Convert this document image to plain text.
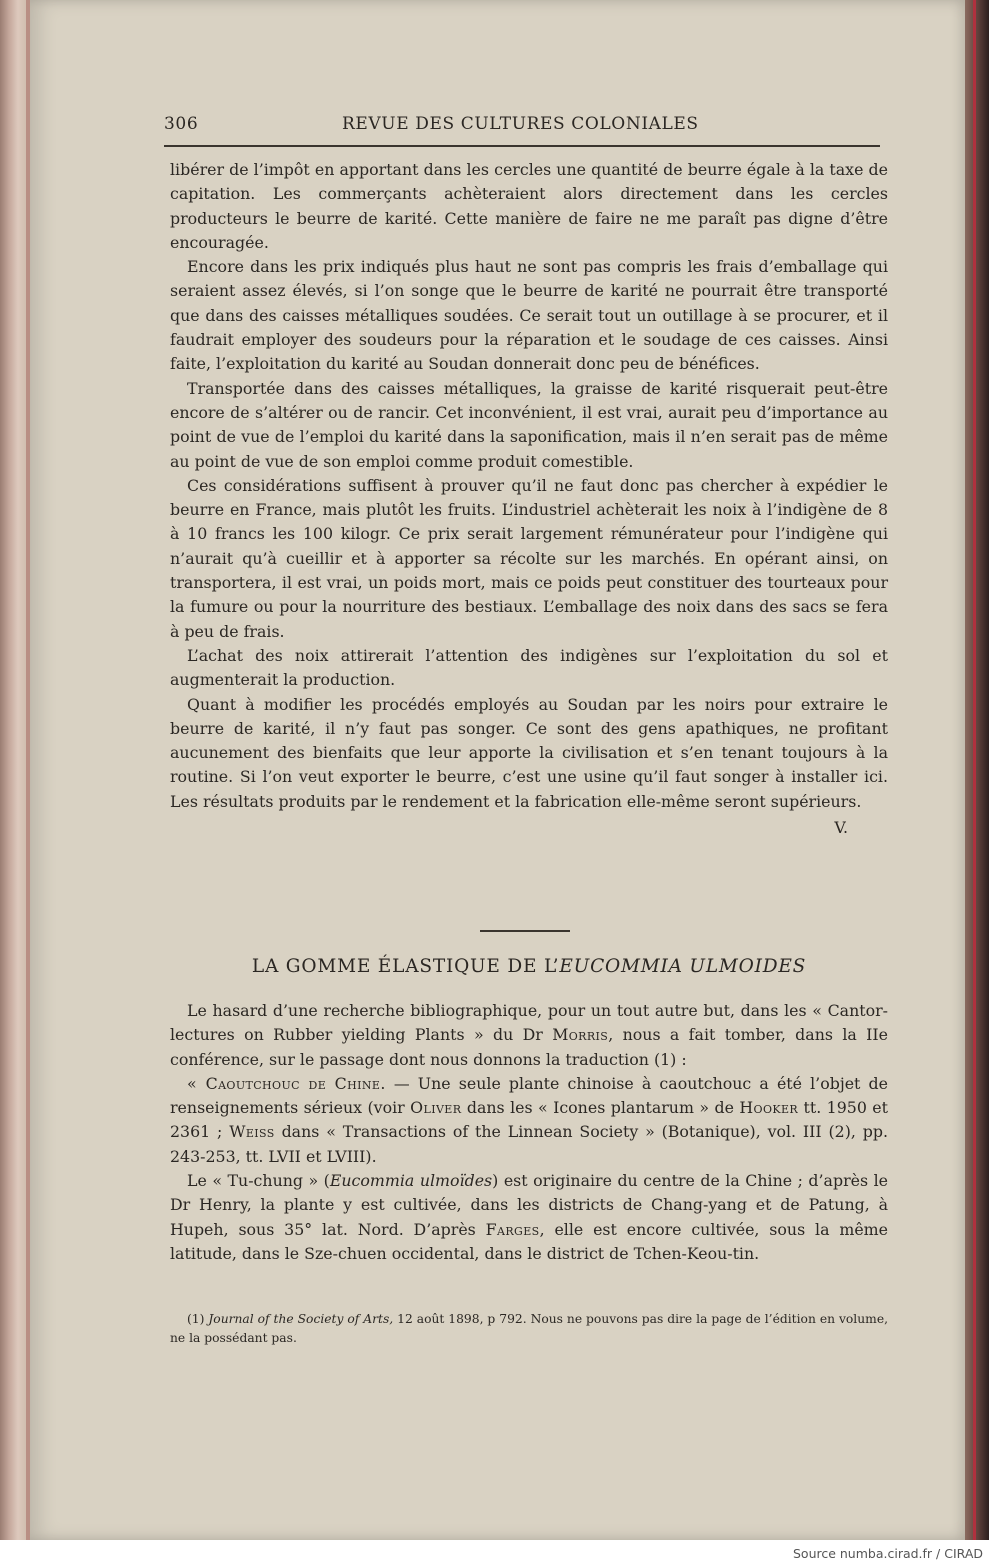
306	REVUE DES CULTURES COLONIALES

libérer de l’impôt en apportant dans les cercles une quantité de beurre égale à la taxe de capitation. Les commerçants achèteraient alors directement dans les cercles producteurs le beurre de karité. Cette manière de faire ne me paraît pas digne d’être encouragée.

Encore dans les prix indiqués plus haut ne sont pas compris les frais d’emballage qui seraient assez élevés, si l’on songe que le beurre de karité ne pourrait être transporté que dans des caisses métalliques soudées. Ce serait tout un outillage à se procurer, et il faudrait employer des soudeurs pour la réparation et le soudage de ces caisses. Ainsi faite, l’exploitation du karité au Soudan donnerait donc peu de bénéfices.

Transportée dans des caisses métalliques, la graisse de karité risquerait peut-être encore de s’altérer ou de rancir. Cet inconvénient, il est vrai, aurait peu d’importance au point de vue de l’emploi du karité dans la saponification, mais il n’en serait pas de même au point de vue de son emploi comme produit comestible.

Ces considérations suffisent à prouver qu’il ne faut donc pas chercher à expédier le beurre en France, mais plutôt les fruits. L’industriel achèterait les noix à l’indigène de 8 à 10 francs les 100 kilogr. Ce prix serait largement rémunérateur pour l’indigène qui n’aurait qu’à cueillir et à apporter sa récolte sur les marchés. En opérant ainsi, on transportera, il est vrai, un poids mort, mais ce poids peut constituer des tourteaux pour la fumure ou pour la nourriture des bestiaux. L’emballage des noix dans des sacs se fera à peu de frais.

L’achat des noix attirerait l’attention des indigènes sur l’exploitation du sol et augmenterait la production.

Quant à modifier les procédés employés au Soudan par les noirs pour extraire le beurre de karité, il n’y faut pas songer. Ce sont des gens apathiques, ne profitant aucunement des bienfaits que leur apporte la civilisation et s’en tenant toujours à la routine. Si l’on veut exporter le beurre, c’est une usine qu’il faut songer à installer ici. Les résultats produits par le rendement et la fabrication elle-même seront supérieurs.

V.
LA GOMME ÉLASTIQUE DE L’EUCOMMIA ULMOIDES

Le hasard d’une recherche bibliographique, pour un tout autre but, dans les « Cantor-lectures on Rubber yielding Plants » du Dr Morris, nous a fait tomber, dans la IIe conférence, sur le passage dont nous donnons la traduction (1) :

« Caoutchouc de Chine. — Une seule plante chinoise à caoutchouc a été l’objet de renseignements sérieux (voir Oliver dans les « Icones plantarum » de Hooker tt. 1950 et 2361 ; Weiss dans « Transactions of the Linnean Society » (Botanique), vol. III (2), pp. 243-253, tt. LVII et LVIII).

Le « Tu-chung » (Eucommia ulmoïdes) est originaire du centre de la Chine ; d’après le Dr Henry, la plante y est cultivée, dans les districts de Chang-yang et de Patung, à Hupeh, sous 35° lat. Nord. D’après Farges, elle est encore cultivée, sous la même latitude, dans le Sze-chuen occidental, dans le district de Tchen-Keou-tin.

(1) Journal of the Society of Arts, 12 août 1898, p 792. Nous ne pouvons pas dire la page de l’édition en volume, ne la possédant pas.
Source numba.cirad.fr / CIRAD
